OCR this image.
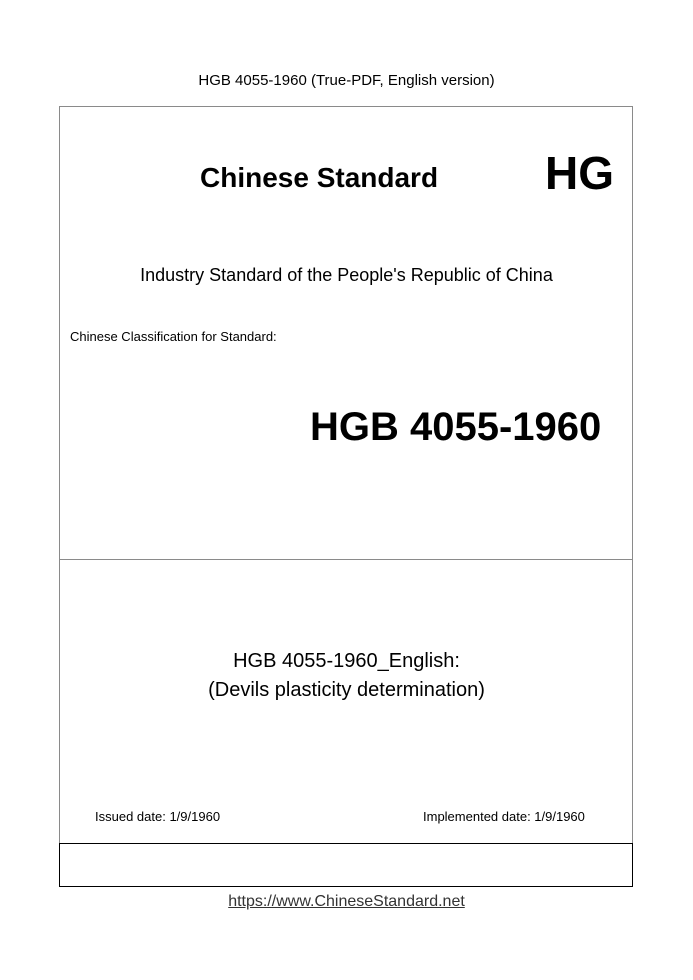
HGB 4055-1960 (True-PDF, English version)
Chinese Standard HG
Industry Standard of the People's Republic of China
Chinese Classification for Standard:
HGB 4055-1960
HGB 4055-1960_English:
(Devils plasticity determination)
Issued date: 1/9/1960	Implemented date: 1/9/1960
https://www.ChineseStandard.net
